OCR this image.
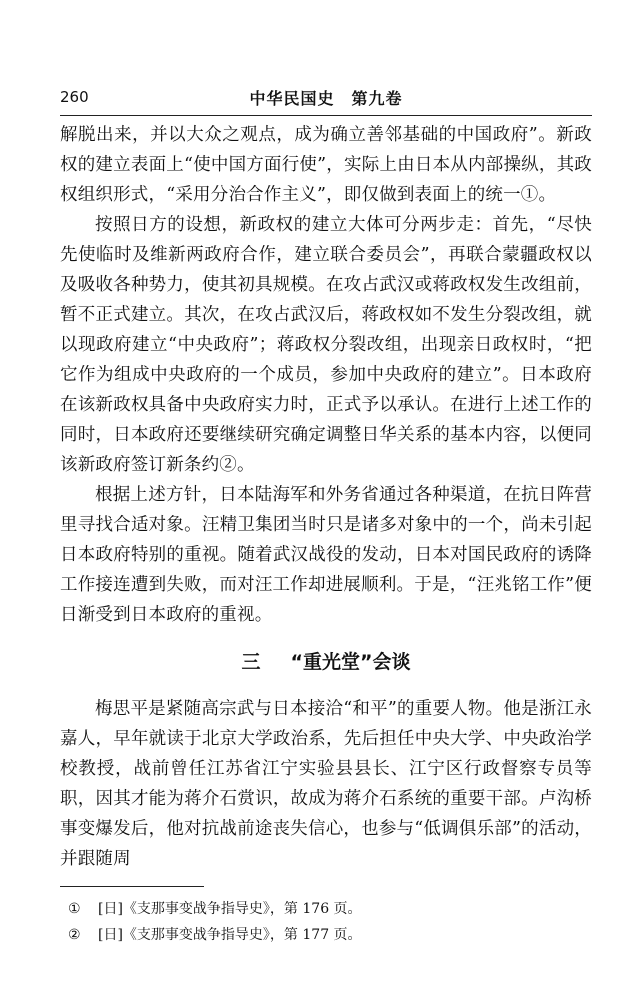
260	中华民国史　第九卷

解脱出来，并以大众之观点，成为确立善邻基础的中国政府”。新政权的建立表面上“使中国方面行使”，实际上由日本从内部操纵，其政权组织形式，“采用分治合作主义”，即仅做到表面上的统一①。

按照日方的设想，新政权的建立大体可分两步走：首先，“尽快先使临时及维新两政府合作，建立联合委员会”，再联合蒙疆政权以及吸收各种势力，使其初具规模。在攻占武汉或蒋政权发生改组前，暂不正式建立。其次，在攻占武汉后，蒋政权如不发生分裂改组，就以现政府建立“中央政府”；蒋政权分裂改组，出现亲日政权时，“把它作为组成中央政府的一个成员，参加中央政府的建立”。日本政府在该新政权具备中央政府实力时，正式予以承认。在进行上述工作的同时，日本政府还要继续研究确定调整日华关系的基本内容，以便同该新政府签订新条约②。

根据上述方针，日本陆海军和外务省通过各种渠道，在抗日阵营里寻找合适对象。汪精卫集团当时只是诸多对象中的一个，尚未引起日本政府特别的重视。随着武汉战役的发动，日本对国民政府的诱降工作接连遭到失败，而对汪工作却进展顺利。于是，“汪兆铭工作”便日渐受到日本政府的重视。

三 “重光堂”会谈

梅思平是紧随高宗武与日本接洽“和平”的重要人物。他是浙江永嘉人，早年就读于北京大学政治系，先后担任中央大学、中央政治学校教授，战前曾任江苏省江宁实验县县长、江宁区行政督察专员等职，因其才能为蒋介石赏识，故成为蒋介石系统的重要干部。卢沟桥事变爆发后，他对抗战前途丧失信心，也参与“低调俱乐部”的活动，并跟随周

① [日]《支那事变战争指导史》，第 176 页。
② [日]《支那事变战争指导史》，第 177 页。
